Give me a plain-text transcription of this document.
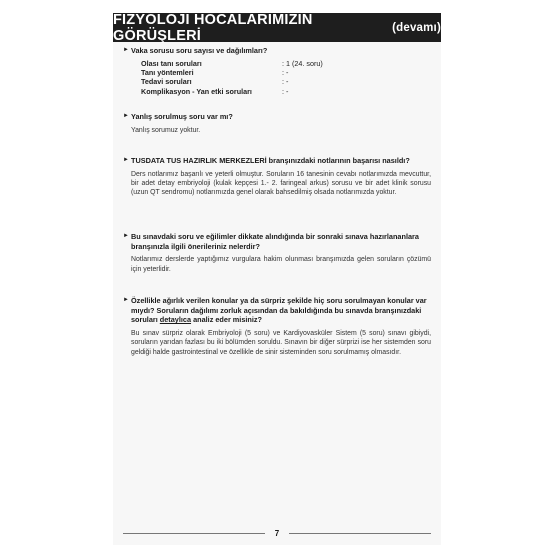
FİZYOLOJİ HOCALARIMIZIN GÖRÜŞLERİ	(devamı)
► Vaka sorusu soru sayısı ve dağılımları?
Olası tanı soruları	: 1 (24. soru)
Tanı yöntemleri	: -
Tedavi soruları	: -
Komplikasyon - Yan etki soruları	: -
► Yanlış sorulmuş soru var mı?
Yanlış sorumuz yoktur.
► TUSDATA TUS HAZIRLIK MERKEZLERİ branşınızdaki notlarının başarısı nasıldı?
Ders notlarımız başarılı ve yeterli olmuştur. Soruların 16 tanesinin cevabı notlarımızda mevcuttur, bir adet detay embriyoloji (kulak kepçesi 1.- 2. faringeal arkus) sorusu ve bir adet klinik sorusu (uzun QT sendromu) notlarımızda genel olarak bahsedilmiş olsada notlarımızda yoktur.
► Bu sınavdaki soru ve eğilimler dikkate alındığında bir sonraki sınava hazırlananlara branşınızla ilgili önerileriniz nelerdir?
Notlarımız derslerde yaptığımız vurgulara hakim olunması branşımızda gelen soruların çözümü için yeterlidir.
► Özellikle ağırlık verilen konular ya da sürpriz şekilde hiç soru sorulmayan konular var mıydı? Soruların dağılımı zorluk açısından da bakıldığında bu sınavda branşınızdaki soruları detaylıca analiz eder misiniz?
Bu sınav sürpriz olarak Embriyoloji (5 soru) ve Kardiyovasküler Sistem (5 soru) sınavı gibiydi, soruların yarıdan fazlası bu iki bölümden soruldu. Sınavın bir diğer sürprizi ise her sistemden soru geldiği halde gastrointestinal ve özellikle de sinir sisteminden soru sorulmamış olmasıdır.
7
